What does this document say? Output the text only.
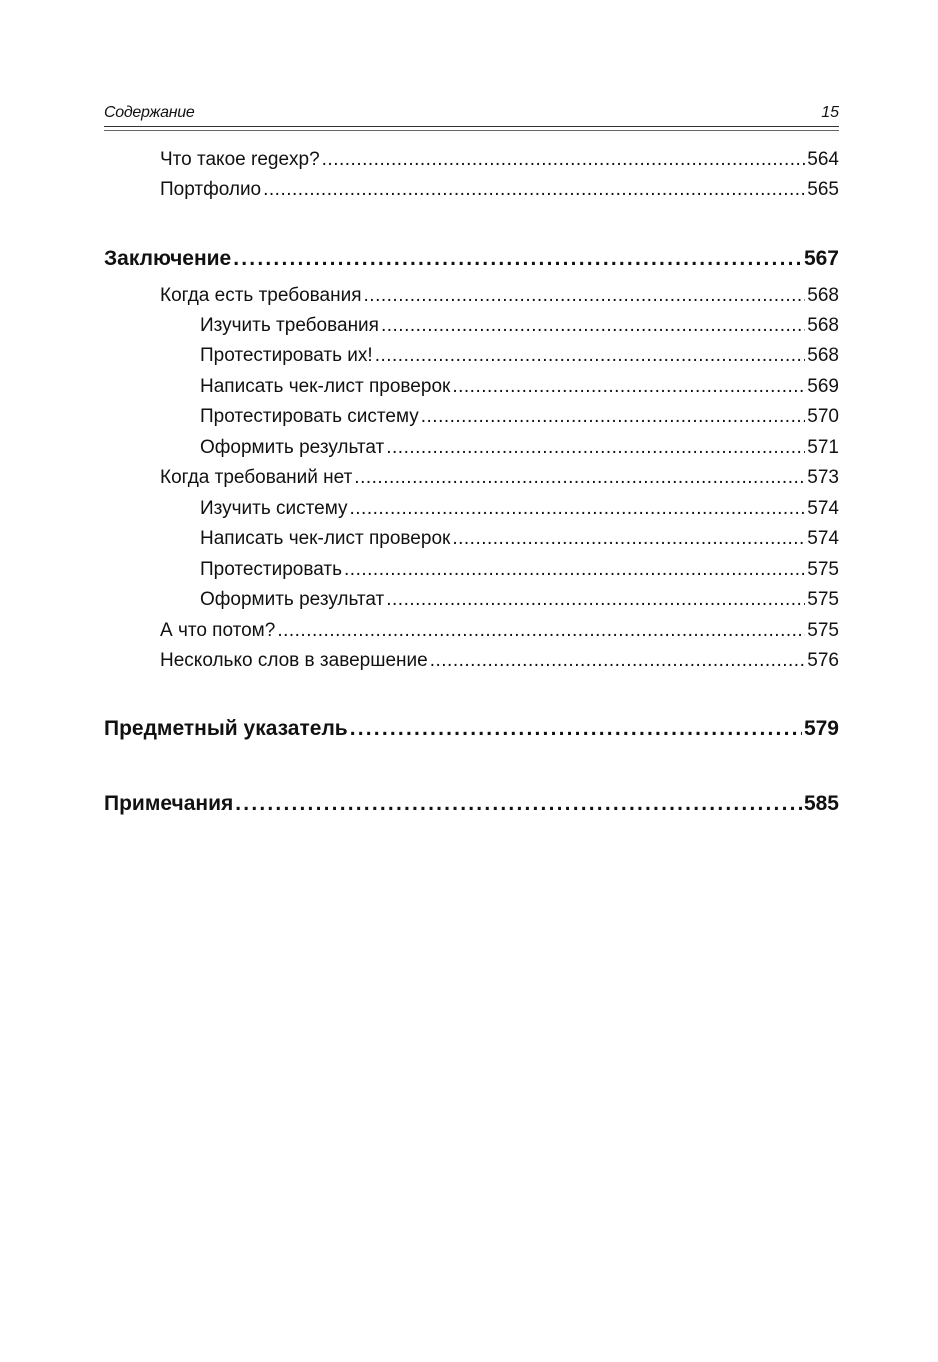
Содержание	15
Что такое regexp? .....	564
Портфолио .....	565
Заключение .....	567
Когда есть требования .....	568
Изучить требования .....	568
Протестировать их! .....	568
Написать чек-лист проверок .....	569
Протестировать систему .....	570
Оформить результат .....	571
Когда требований нет .....	573
Изучить систему .....	574
Написать чек-лист проверок .....	574
Протестировать .....	575
Оформить результат .....	575
А что потом? .....	575
Несколько слов в завершение .....	576
Предметный указатель .....	579
Примечания .....	585
